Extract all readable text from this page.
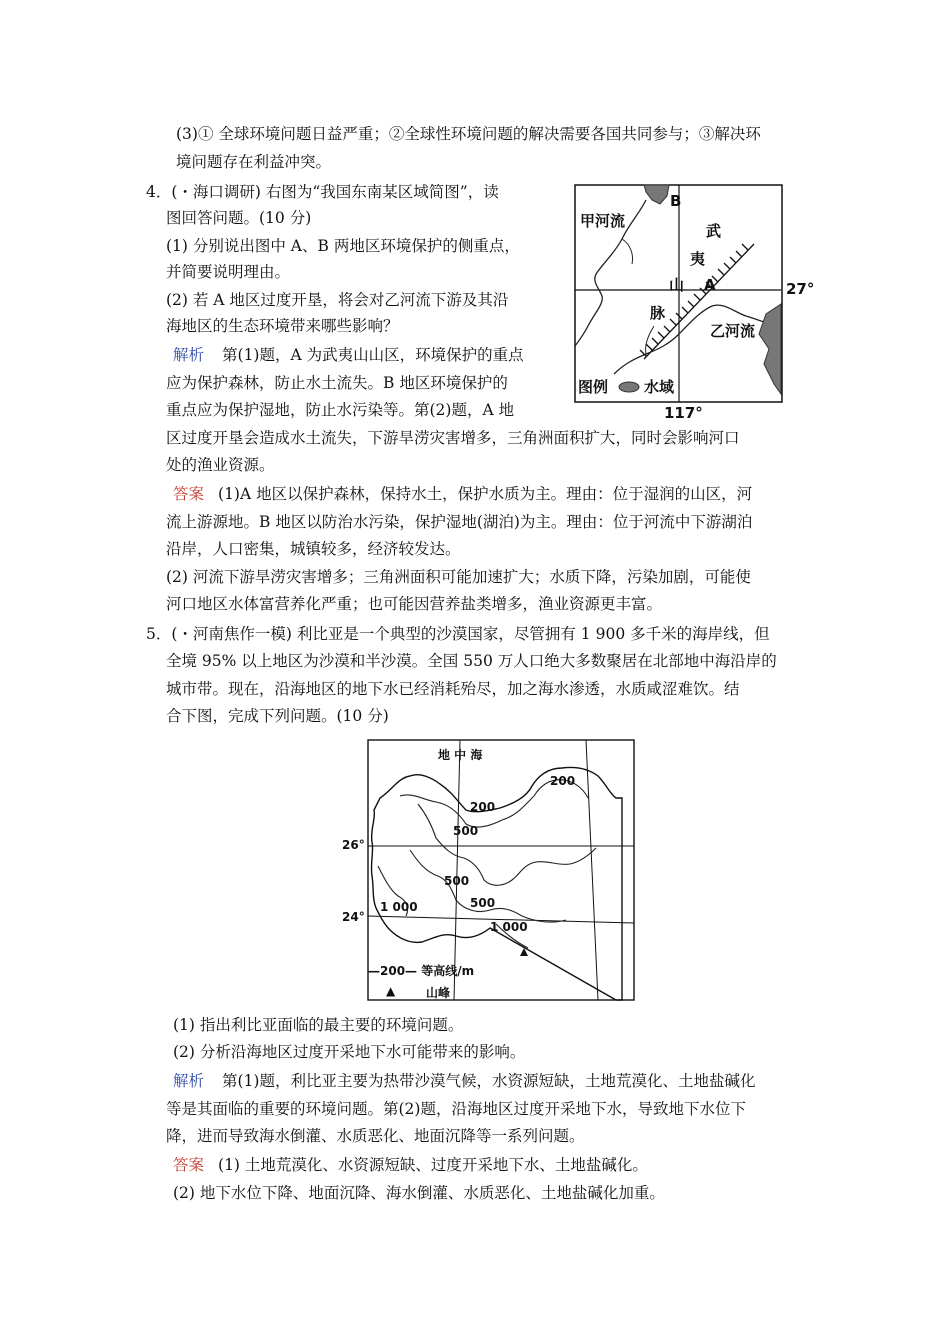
(3)① 全球环境问题日益严重；②全球性环境问题的解决需要各国共同参与；③解决环
境问题存在利益冲突。
4．(・海口调研) 右图为“我国东南某区域简图”，读
图回答问题。(10 分)
(1) 分别说出图中 A、B 两地区环境保护的侧重点，
并简要说明理由。
(2) 若 A 地区过度开垦，将会对乙河流下游及其沿
海地区的生态环境带来哪些影响？
解析 第(1)题，A 为武夷山山区，环境保护的重点
应为保护森林，防止水土流失。B 地区环境保护的
重点应为保护湿地，防止水污染等。第(2)题，A 地
区过度开垦会造成水土流失，下游旱涝灾害增多，三角洲面积扩大，同时会影响河口
处的渔业资源。
答案 (1)A 地区以保护森林，保持水土，保护水质为主。理由：位于湿润的山区，河
流上游源地。B 地区以防治水污染，保护湿地(湖泊)为主。理由：位于河流中下游湖泊
沿岸，人口密集，城镇较多，经济较发达。
(2) 河流下游旱涝灾害增多；三角洲面积可能加速扩大；水质下降，污染加剧，可能使
河口地区水体富营养化严重；也可能因营养盐类增多，渔业资源更丰富。
5．(・河南焦作一模) 利比亚是一个典型的沙漠国家，尽管拥有 1 900 多千米的海岸线，但
全境 95% 以上地区为沙漠和半沙漠。全国 550 万人口绝大多数聚居在北部地中海沿岸的
城市带。现在，沿海地区的地下水已经消耗殆尽，加之海水渗透，水质咸涩难饮。结
合下图，完成下列问题。(10 分)
(1) 指出利比亚面临的最主要的环境问题。
(2) 分析沿海地区过度开采地下水可能带来的影响。
解析 第(1)题，利比亚主要为热带沙漠气候，水资源短缺，土地荒漠化、土地盐碱化
等是其面临的重要的环境问题。第(2)题，沿海地区过度开采地下水，导致地下水位下
降，进而导致海水倒灌、水质恶化、地面沉降等一系列问题。
答案 (1) 土地荒漠化、水资源短缺、过度开采地下水、土地盐碱化。
(2) 地下水位下降、地面沉降、海水倒灌、水质恶化、土地盐碱化加重。
甲河流
B
武
夷
山 A
脉
乙河流
27°
图例 水域
117°
地 中 海
200
200
500
500
500
1 000
1 000
26°
24°
—200— 等高线/m
▲	山峰
